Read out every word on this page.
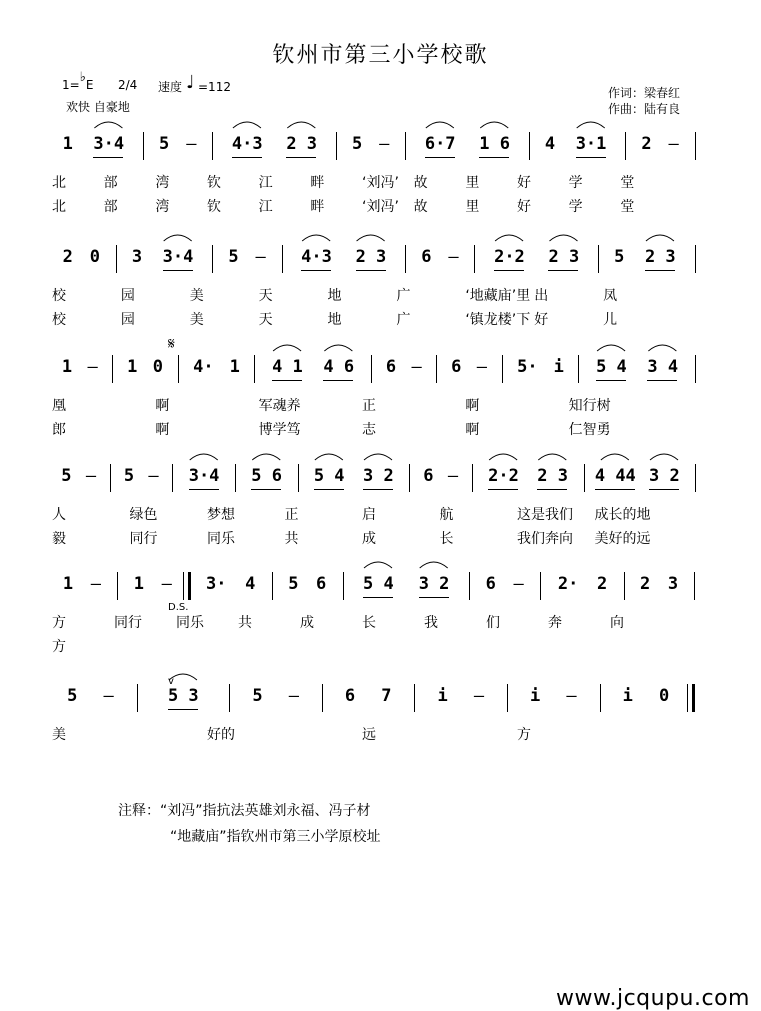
钦州市第三小学校歌
1=♭E 2/4 速度 ♩ =112
欢快 自豪地
作词：梁春红
作曲：陆有良
1 3·4 5 – 4·3 2 3 5 – 6·7 1 6 4 3·1 2 –
北	部	湾	钦	江	畔	‘刘冯’ 故	里	好	学	堂
北	部	湾	钦	江	畔	‘刘冯’ 故	里	好	学	堂
2 0 3 3·4 5 – 4·3 2 3 6 – 2·2 2 3 5 2 3
校	园	美	天	地	广	‘地藏庙’里 出	凤
校	园	美	天	地	广	‘镇龙楼’下 好	儿
1 – 1 0 4· 1 4 1 4 6 6 – 6 – 5· i 5 4 3 4
凰	啊	军魂养	正	啊	知行树
郎	啊	博学笃	志	啊	仁智勇
5 – 5 – 3·4 5 6 5 4 3 2 6 – 2·2 2 3 4 44 3 2
人	绿色	梦想	正	启	航	这是我们 成长的地
毅	同行	同乐	共	成	长	我们奔向 美好的远
1 – 1 – 3· 4 5 6 5 4 3 2 6 – 2· 2 2 3
方	同行 同乐 共	成	长	我	们	奔	向
方
5 –	5 3	5 –	6 7	i –	i –	i 0
美	好的	远	方
注释：“刘冯”指抗法英雄刘永福、冯子材
“地藏庙”指钦州市第三小学原校址
www.jcqupu.com
𝄋
D.S.
v
